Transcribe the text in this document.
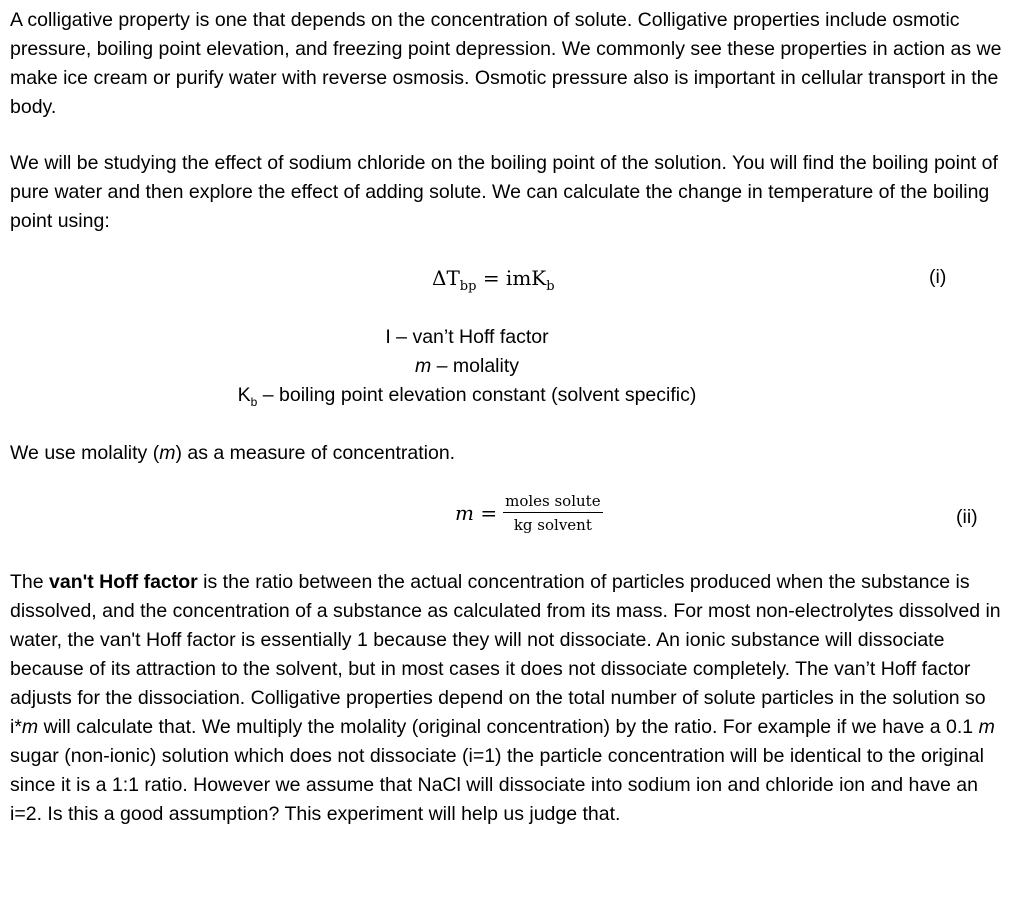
A colligative property is one that depends on the concentration of solute. Colligative properties include osmotic pressure, boiling point elevation, and freezing point depression. We commonly see these properties in action as we make ice cream or purify water with reverse osmosis. Osmotic pressure also is important in cellular transport in the body.

We will be studying the effect of sodium chloride on the boiling point of the solution. You will find the boiling point of pure water and then explore the effect of adding solute. We can calculate the change in temperature of the boiling point using:

$\Delta T_{bp} = imK_b$	(i)
I – van’t Hoff factor
m – molality
$K_b$ – boiling point elevation constant (solvent specific)

We use molality (m) as a measure of concentration.

$m = \frac{\text{moles solute}}{\text{kg solvent}}$	(ii)

The van't Hoff factor is the ratio between the actual concentration of particles produced when the substance is dissolved, and the concentration of a substance as calculated from its mass. For most non-electrolytes dissolved in water, the van't Hoff factor is essentially 1 because they will not dissociate. An ionic substance will dissociate because of its attraction to the solvent, but in most cases it does not dissociate completely. The van’t Hoff factor adjusts for the dissociation. Colligative properties depend on the total number of solute particles in the solution so i*m will calculate that. We multiply the molality (original concentration) by the ratio. For example if we have a 0.1 m sugar (non-ionic) solution which does not dissociate (i=1) the particle concentration will be identical to the original since it is a 1:1 ratio. However we assume that NaCl will dissociate into sodium ion and chloride ion and have an i=2. Is this a good assumption? This experiment will help us judge that.
